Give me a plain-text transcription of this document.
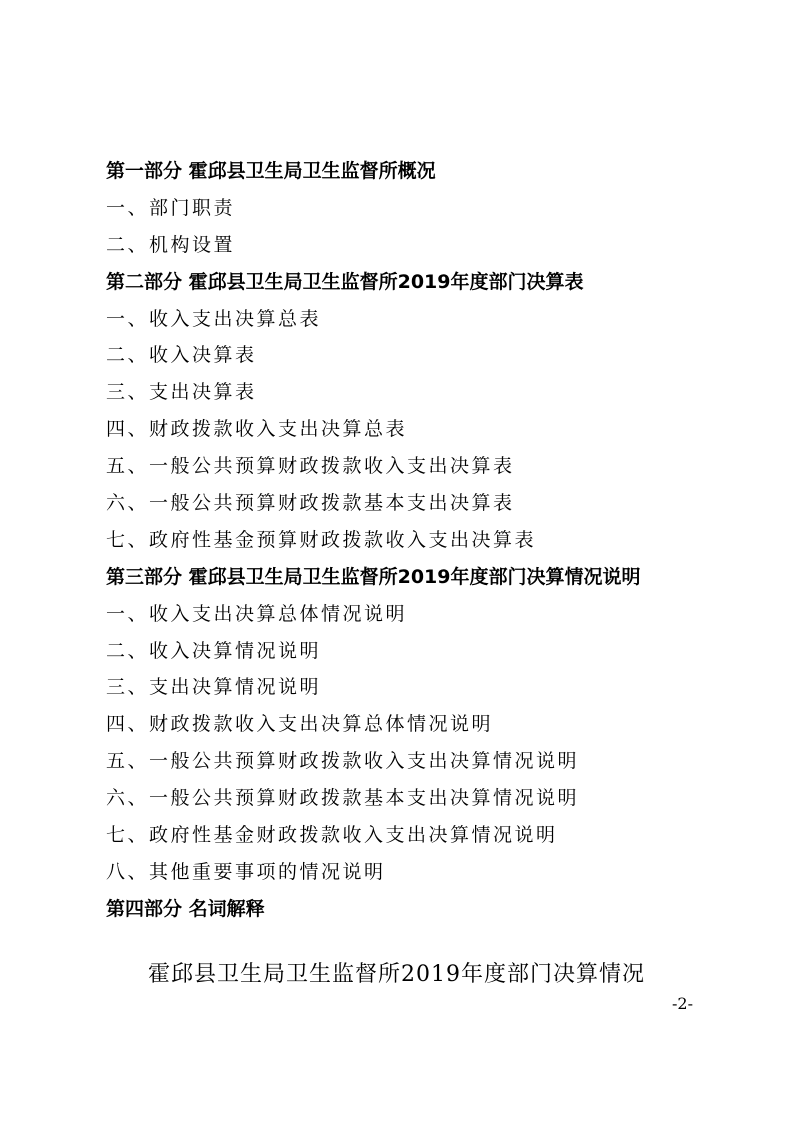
第一部分 霍邱县卫生局卫生监督所概况
一、部门职责
二、机构设置
第二部分 霍邱县卫生局卫生监督所2019年度部门决算表
一、收入支出决算总表
二、收入决算表
三、支出决算表
四、财政拨款收入支出决算总表
五、一般公共预算财政拨款收入支出决算表
六、一般公共预算财政拨款基本支出决算表
七、政府性基金预算财政拨款收入支出决算表
第三部分 霍邱县卫生局卫生监督所2019年度部门决算情况说明
一、收入支出决算总体情况说明
二、收入决算情况说明
三、支出决算情况说明
四、财政拨款收入支出决算总体情况说明
五、一般公共预算财政拨款收入支出决算情况说明
六、一般公共预算财政拨款基本支出决算情况说明
七、政府性基金财政拨款收入支出决算情况说明
八、其他重要事项的情况说明
第四部分 名词解释
霍邱县卫生局卫生监督所2019年度部门决算情况
-2-
